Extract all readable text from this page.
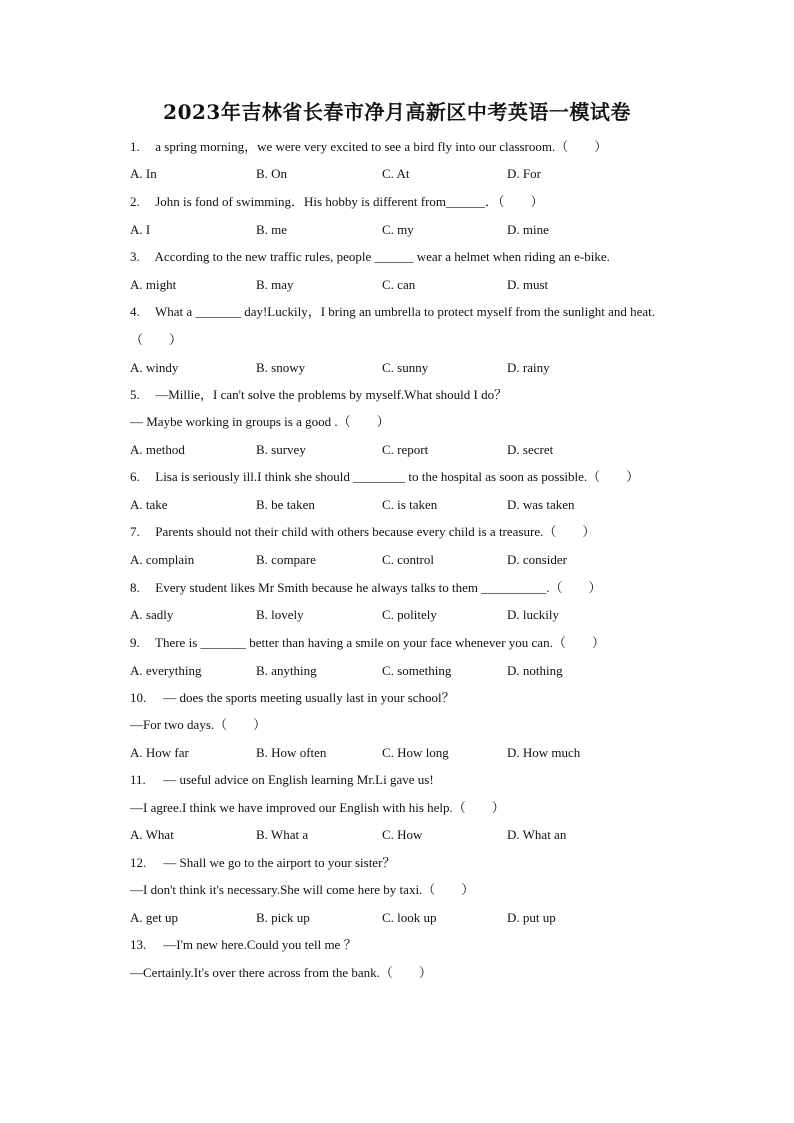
2023年吉林省长春市净月高新区中考英语一模试卷
1. a spring morning，we were very excited to see a bird fly into our classroom.（　　）
A. In	B. On	C. At	D. For
2. John is fond of swimming．His hobby is different from______．（　　）
A. I	B. me	C. my	D. mine
3. According to the new traffic rules, people ______ wear a helmet when riding an e-bike.
A. might	B. may	C. can	D. must
4. What a _______ day!Luckily，I bring an umbrella to protect myself from the sunlight and heat.
（　　）
A. windy	B. snowy	C. sunny	D. rainy
5. —Millie，I can't solve the problems by myself.What should I do？
— Maybe working in groups is a good .（　　）
A. method	B. survey	C. report	D. secret
6. Lisa is seriously ill.I think she should ________ to the hospital as soon as possible.（　　）
A. take	B. be taken	C. is taken	D. was taken
7. Parents should not their child with others because every child is a treasure.（　　）
A. complain	B. compare	C. control	D. consider
8. Every student likes Mr Smith because he always talks to them __________.（　　）
A. sadly	B. lovely	C. politely	D. luckily
9. There is _______ better than having a smile on your face whenever you can.（　　）
A. everything	B. anything	C. something	D. nothing
10. — does the sports meeting usually last in your school？
—For two days.（　　）
A. How far	B. How often	C. How long	D. How much
11. — useful advice on English learning Mr.Li gave us!
—I agree.I think we have improved our English with his help.（　　）
A. What	B. What a	C. How	D. What an
12. — Shall we go to the airport to your sister？
—I don't think it's necessary.She will come here by taxi.（　　）
A. get up	B. pick up	C. look up	D. put up
13. —I'm new here.Could you tell me ？
—Certainly.It's over there across from the bank.（　　）
